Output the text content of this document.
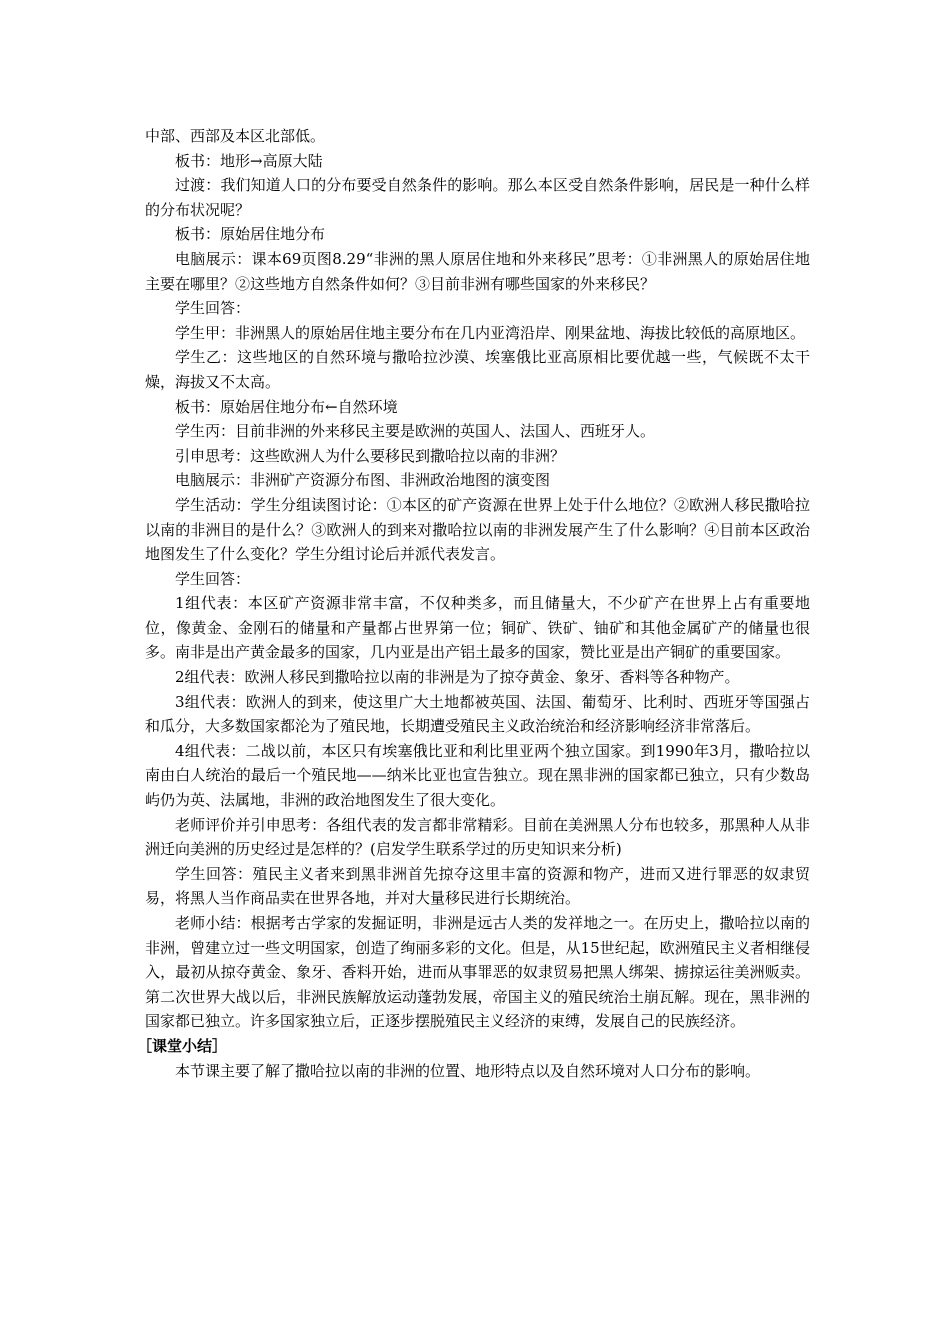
中部、西部及本区北部低。

板书：地形→高原大陆

过渡：我们知道人口的分布要受自然条件的影响。那么本区受自然条件影响，居民是一种什么样的分布状况呢？

板书：原始居住地分布

电脑展示：课本69页图8.29“非洲的黑人原居住地和外来移民”思考：①非洲黑人的原始居住地主要在哪里？②这些地方自然条件如何？③目前非洲有哪些国家的外来移民？

学生回答：

学生甲：非洲黑人的原始居住地主要分布在几内亚湾沿岸、刚果盆地、海拔比较低的高原地区。

学生乙：这些地区的自然环境与撒哈拉沙漠、埃塞俄比亚高原相比要优越一些，气候既不太干燥，海拔又不太高。

板书：原始居住地分布←自然环境

学生丙：目前非洲的外来移民主要是欧洲的英国人、法国人、西班牙人。

引申思考：这些欧洲人为什么要移民到撒哈拉以南的非洲？

电脑展示：非洲矿产资源分布图、非洲政治地图的演变图

学生活动：学生分组读图讨论：①本区的矿产资源在世界上处于什么地位？②欧洲人移民撒哈拉以南的非洲目的是什么？③欧洲人的到来对撒哈拉以南的非洲发展产生了什么影响？④目前本区政治地图发生了什么变化？学生分组讨论后并派代表发言。

学生回答：

1组代表：本区矿产资源非常丰富，不仅种类多，而且储量大，不少矿产在世界上占有重要地位，像黄金、金刚石的储量和产量都占世界第一位；铜矿、铁矿、铀矿和其他金属矿产的储量也很多。南非是出产黄金最多的国家，几内亚是出产铝土最多的国家，赞比亚是出产铜矿的重要国家。

2组代表：欧洲人移民到撒哈拉以南的非洲是为了掠夺黄金、象牙、香料等各种物产。

3组代表：欧洲人的到来，使这里广大土地都被英国、法国、葡萄牙、比利时、西班牙等国强占和瓜分，大多数国家都沦为了殖民地，长期遭受殖民主义政治统治和经济影响经济非常落后。

4组代表：二战以前，本区只有埃塞俄比亚和利比里亚两个独立国家。到1990年3月，撒哈拉以南由白人统治的最后一个殖民地——纳米比亚也宣告独立。现在黑非洲的国家都已独立，只有少数岛屿仍为英、法属地，非洲的政治地图发生了很大变化。

老师评价并引申思考：各组代表的发言都非常精彩。目前在美洲黑人分布也较多，那黑种人从非洲迁向美洲的历史经过是怎样的？(启发学生联系学过的历史知识来分析)

学生回答：殖民主义者来到黑非洲首先掠夺这里丰富的资源和物产，进而又进行罪恶的奴隶贸易，将黑人当作商品卖在世界各地，并对大量移民进行长期统治。

老师小结：根据考古学家的发掘证明，非洲是远古人类的发祥地之一。在历史上，撒哈拉以南的非洲，曾建立过一些文明国家，创造了绚丽多彩的文化。但是，从15世纪起，欧洲殖民主义者相继侵入，最初从掠夺黄金、象牙、香料开始，进而从事罪恶的奴隶贸易把黑人绑架、掳掠运往美洲贩卖。第二次世界大战以后，非洲民族解放运动蓬勃发展，帝国主义的殖民统治土崩瓦解。现在，黑非洲的国家都已独立。许多国家独立后，正逐步摆脱殖民主义经济的束缚，发展自己的民族经济。

［课堂小结］

本节课主要了解了撒哈拉以南的非洲的位置、地形特点以及自然环境对人口分布的影响。
